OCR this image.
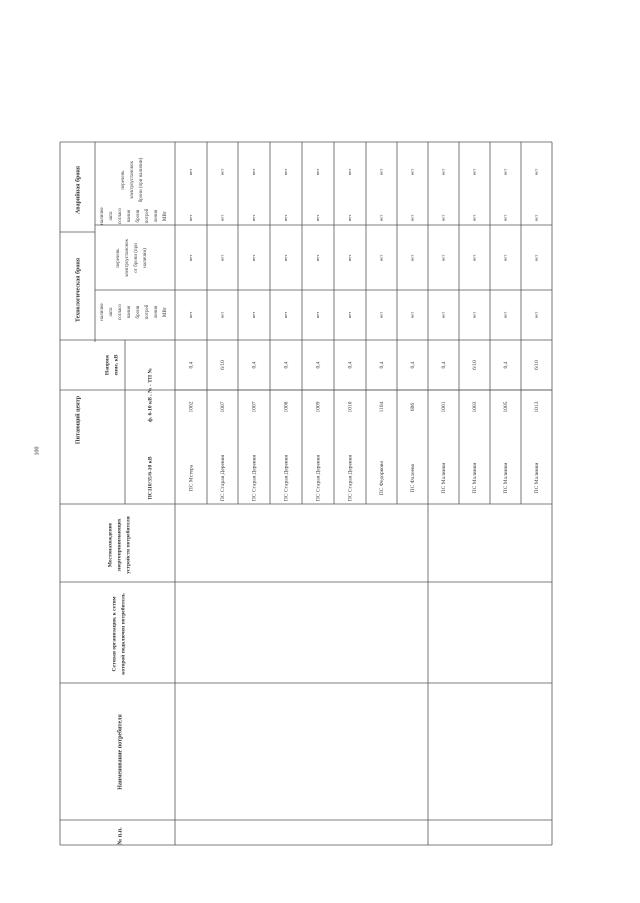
100
№ п.п.
Наименование потребителя
Сетевая организация, к сетям которой подключен потребитель
Местонахождение энергопринимающих устройств потребителя
Питающий центр
ПС110/35/6-10 кВ
ф. 6-10 кВ , № - ТП №
Напряж ение, кВ
Технологическая броня
Аварийная броня
наличие
наличие
акта
акта
согласо
согласо
вания
вания
брони
брони
потреб
потреб
ления
ления
МВт
МВт
перечень электроустановок от брони (при наличии)
перечень электроустановок брони (при наличии)
ПС Мстера
1002
0,4
нет
нет
нет
нет
ПС Старая Деревня
1007
6/10
нет
нет
нет
нет
ПС Старая Деревня
1007
0,4
нет
нет
нет
нет
ПС Старая Деревня
1008
0,4
нет
нет
нет
нет
ПС Старая Деревня
1009
0,4
нет
нет
нет
нет
ПС Старая Деревня
1010
0,4
нет
нет
нет
нет
ПС Федорково
1104
0,4
нет
нет
нет
нет
ПС Фалеево
606
0,4
нет
нет
нет
нет
ПС Малинки
1001
0,4
нет
нет
нет
нет
ПС Малинки
1003
6/10
нет
нет
нет
нет
ПС Малинки
1005
0,4
нет
нет
нет
нет
ПС Малинки
1013
6/10
нет
нет
нет
нет
